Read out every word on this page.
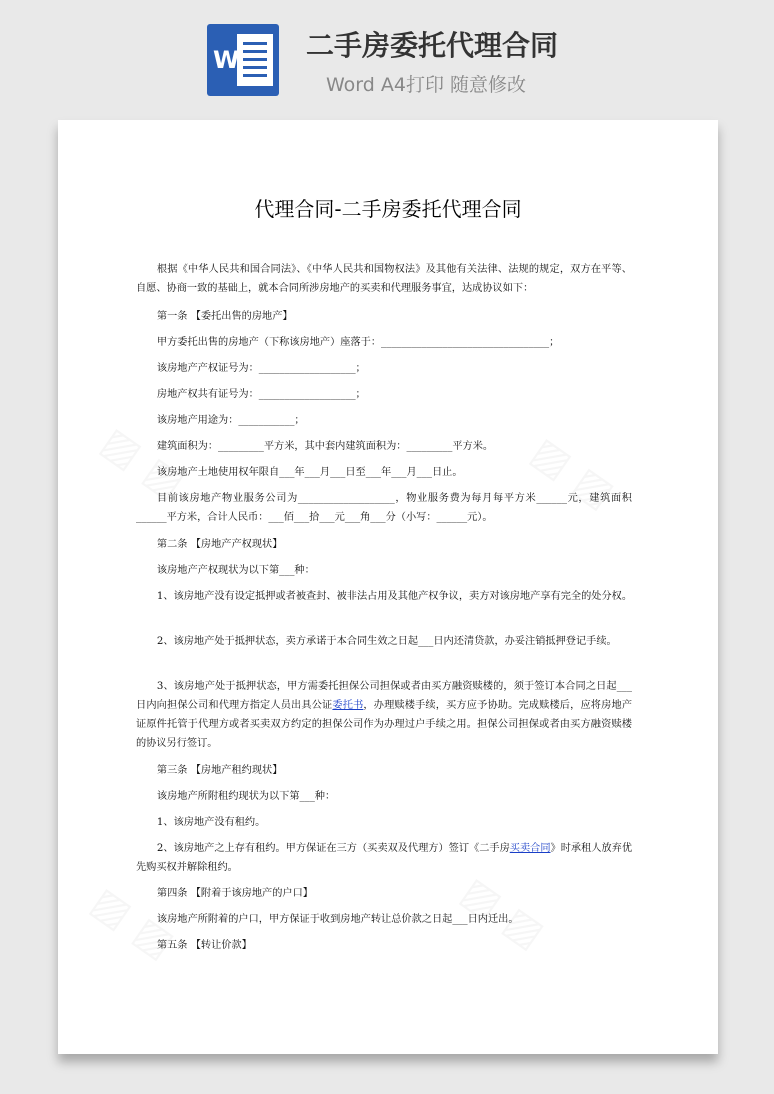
W 二手房委托代理合同
Word A4打印 随意修改
代理合同-二手房委托代理合同

根据《中华人民共和国合同法》、《中华人民共和国物权法》及其他有关法律、法规的规定，双方在平等、自愿、协商一致的基础上，就本合同所涉房地产的买卖和代理服务事宜，达成协议如下：

第一条 【委托出售的房地产】

甲方委托出售的房地产（下称该房地产）座落于：_________________________________；

该房地产产权证号为：___________________；

房地产权共有证号为：___________________；

该房地产用途为：___________；

建筑面积为：_________平方米，其中套内建筑面积为：_________平方米。

该房地产土地使用权年限自___年___月___日至___年___月___日止。

目前该房地产物业服务公司为___________________，物业服务费为每月每平方米______元，建筑面积 ______平方米，合计人民币：___佰___拾___元___角___分（小写：______元）。

第二条 【房地产产权现状】

该房地产产权现状为以下第___种：

1、该房地产没有设定抵押或者被查封、被非法占用及其他产权争议，卖方对该房地产享有完全的处分权。

2、该房地产处于抵押状态，卖方承诺于本合同生效之日起___日内还清贷款，办妥注销抵押登记手续。

3、该房地产处于抵押状态，甲方需委托担保公司担保或者由买方融资赎楼的，须于签订本合同之日起___日内向担保公司和代理方指定人员出具公证委托书，办理赎楼手续，买方应予协助。完成赎楼后，应将房地产证原件托管于代理方或者买卖双方约定的担保公司作为办理过户手续之用。担保公司担保或者由买方融资赎楼的协议另行签订。

第三条 【房地产租约现状】

该房地产所附租约现状为以下第___种：

1、该房地产没有租约。

2、该房地产之上存有租约。甲方保证在三方（买卖双及代理方）签订《二手房买卖合同》时承租人放弃优先购买权并解除租约。

第四条 【附着于该房地产的户口】

该房地产所附着的户口，甲方保证于收到房地产转让总价款之日起___日内迁出。

第五条 【转让价款】
